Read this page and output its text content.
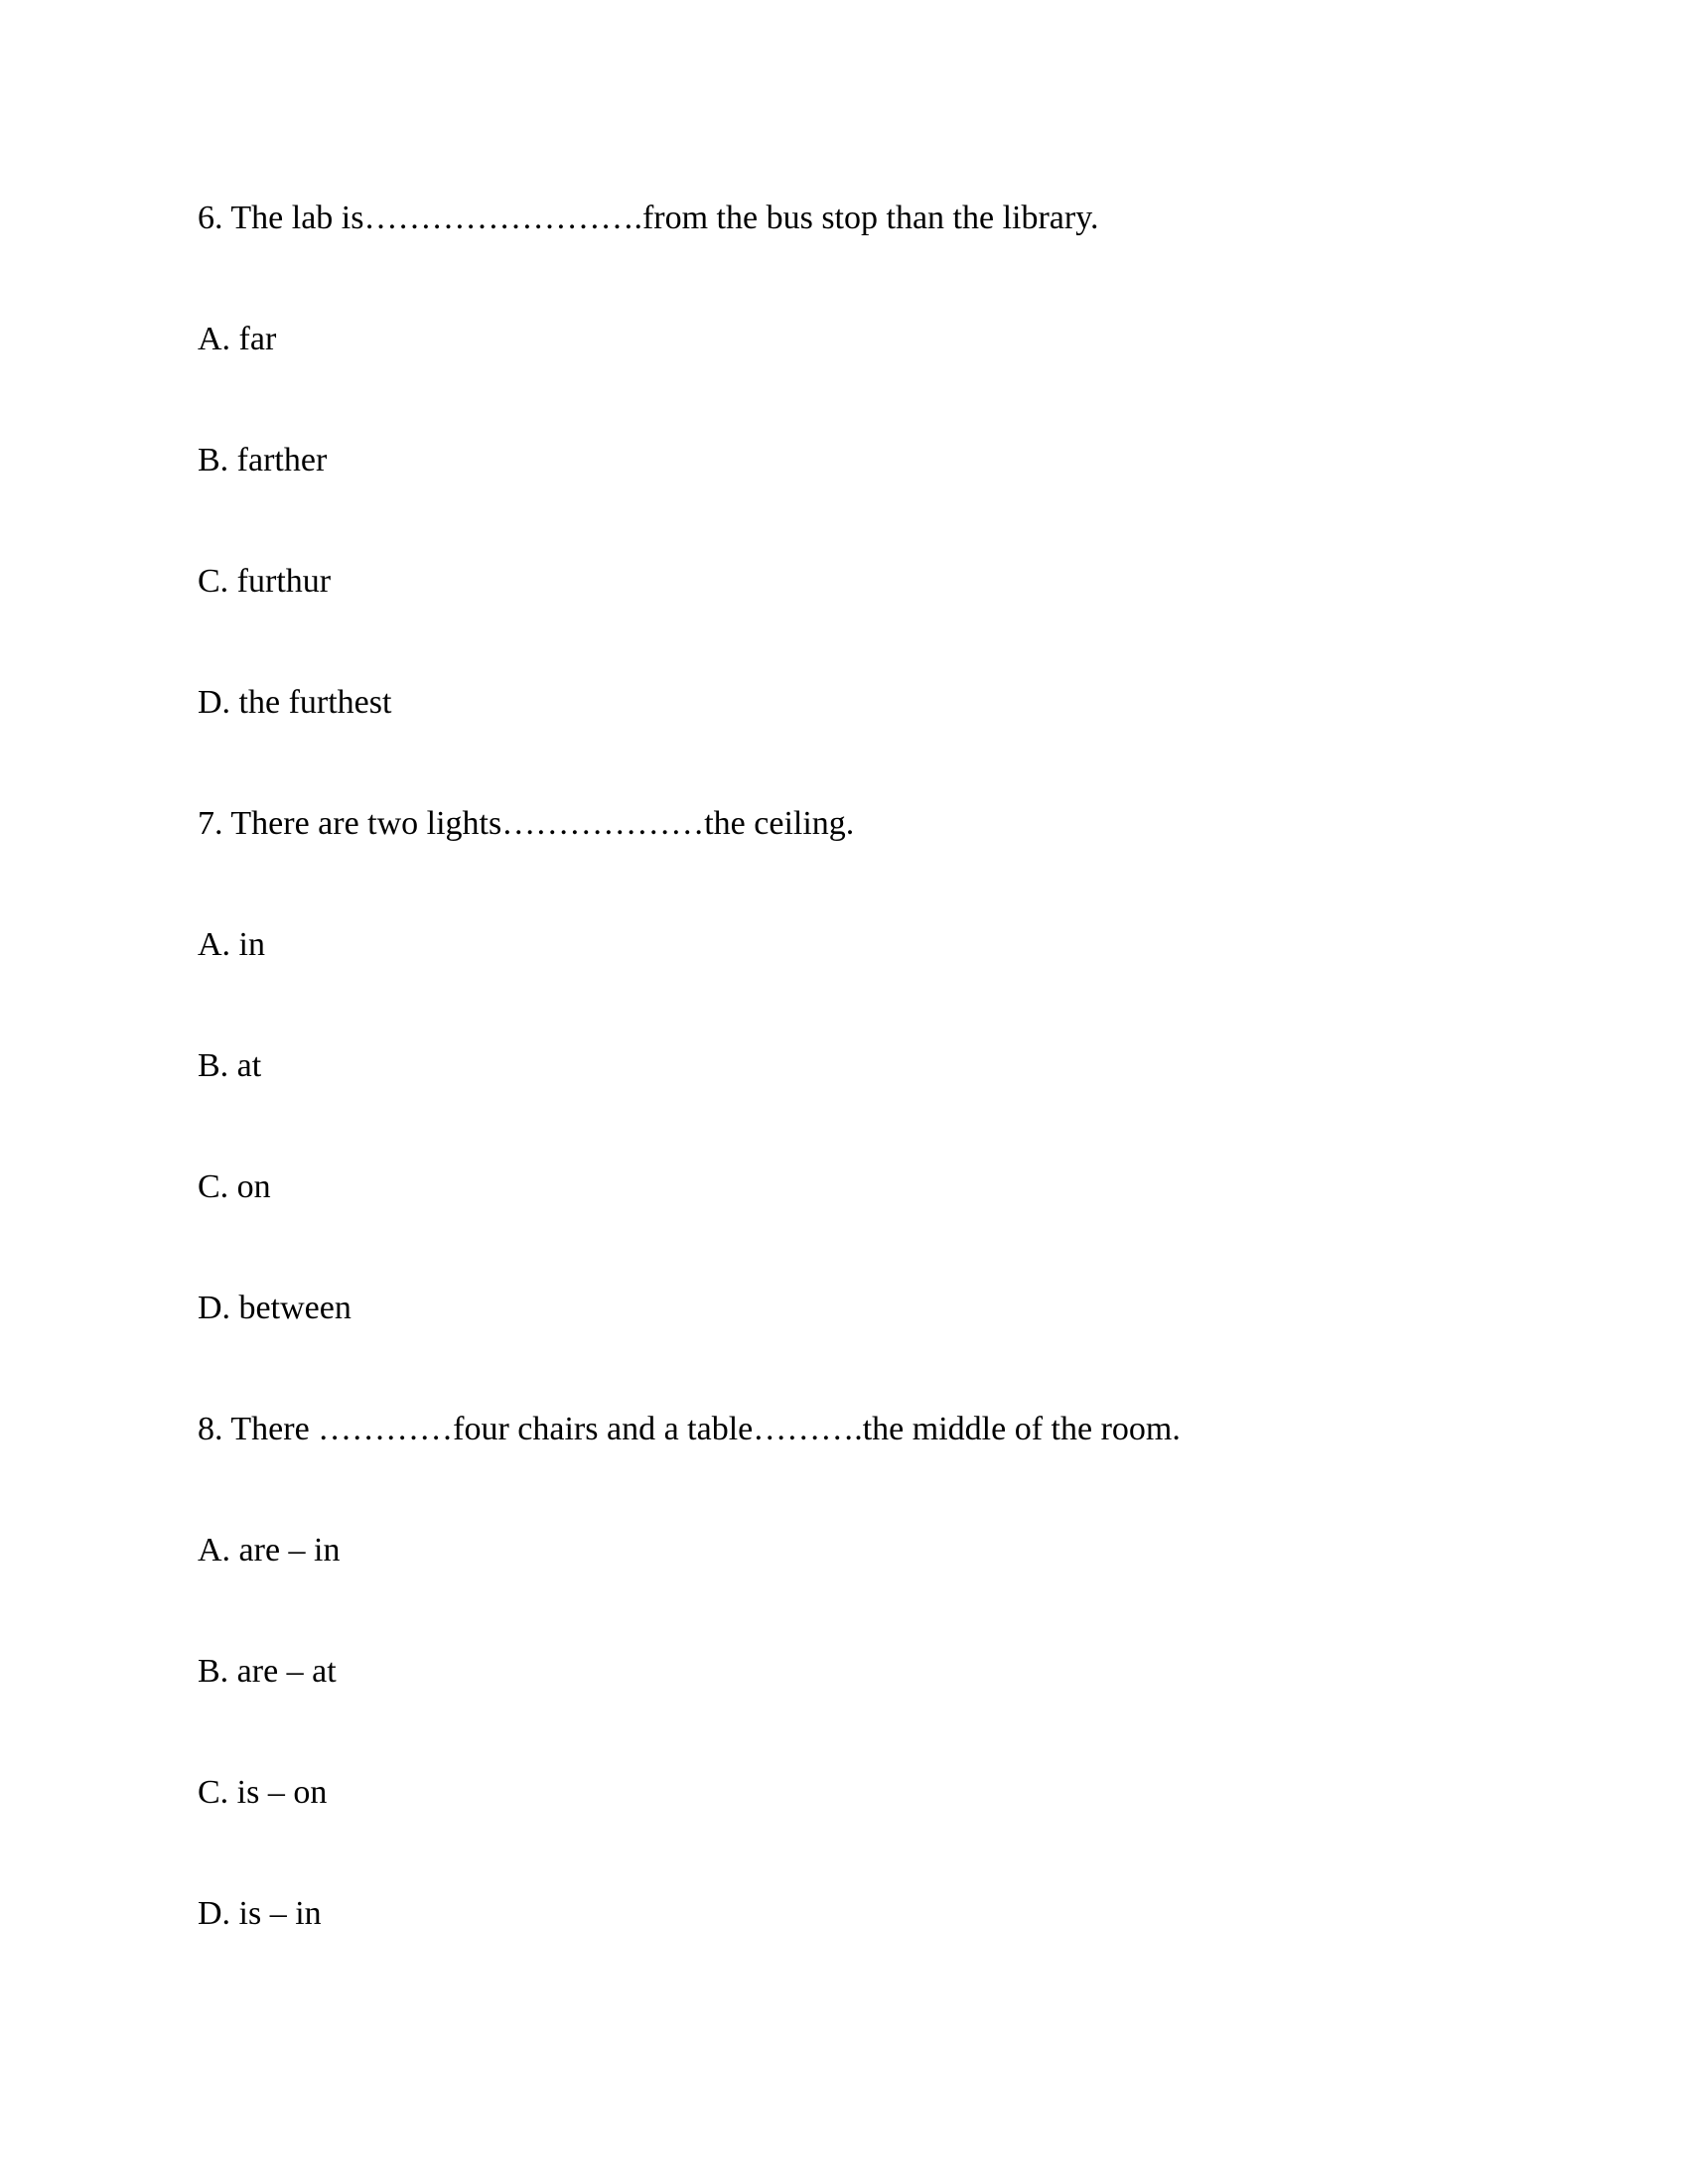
6. The lab is…………………….from the bus stop than the library.

A. far

B. farther

C. furthur

D. the furthest

7. There are two lights………………the ceiling.

A. in

B. at

C. on

D. between

8. There …………four chairs and a table……….the middle of the room.

A. are – in

B. are – at

C. is – on

D. is – in
